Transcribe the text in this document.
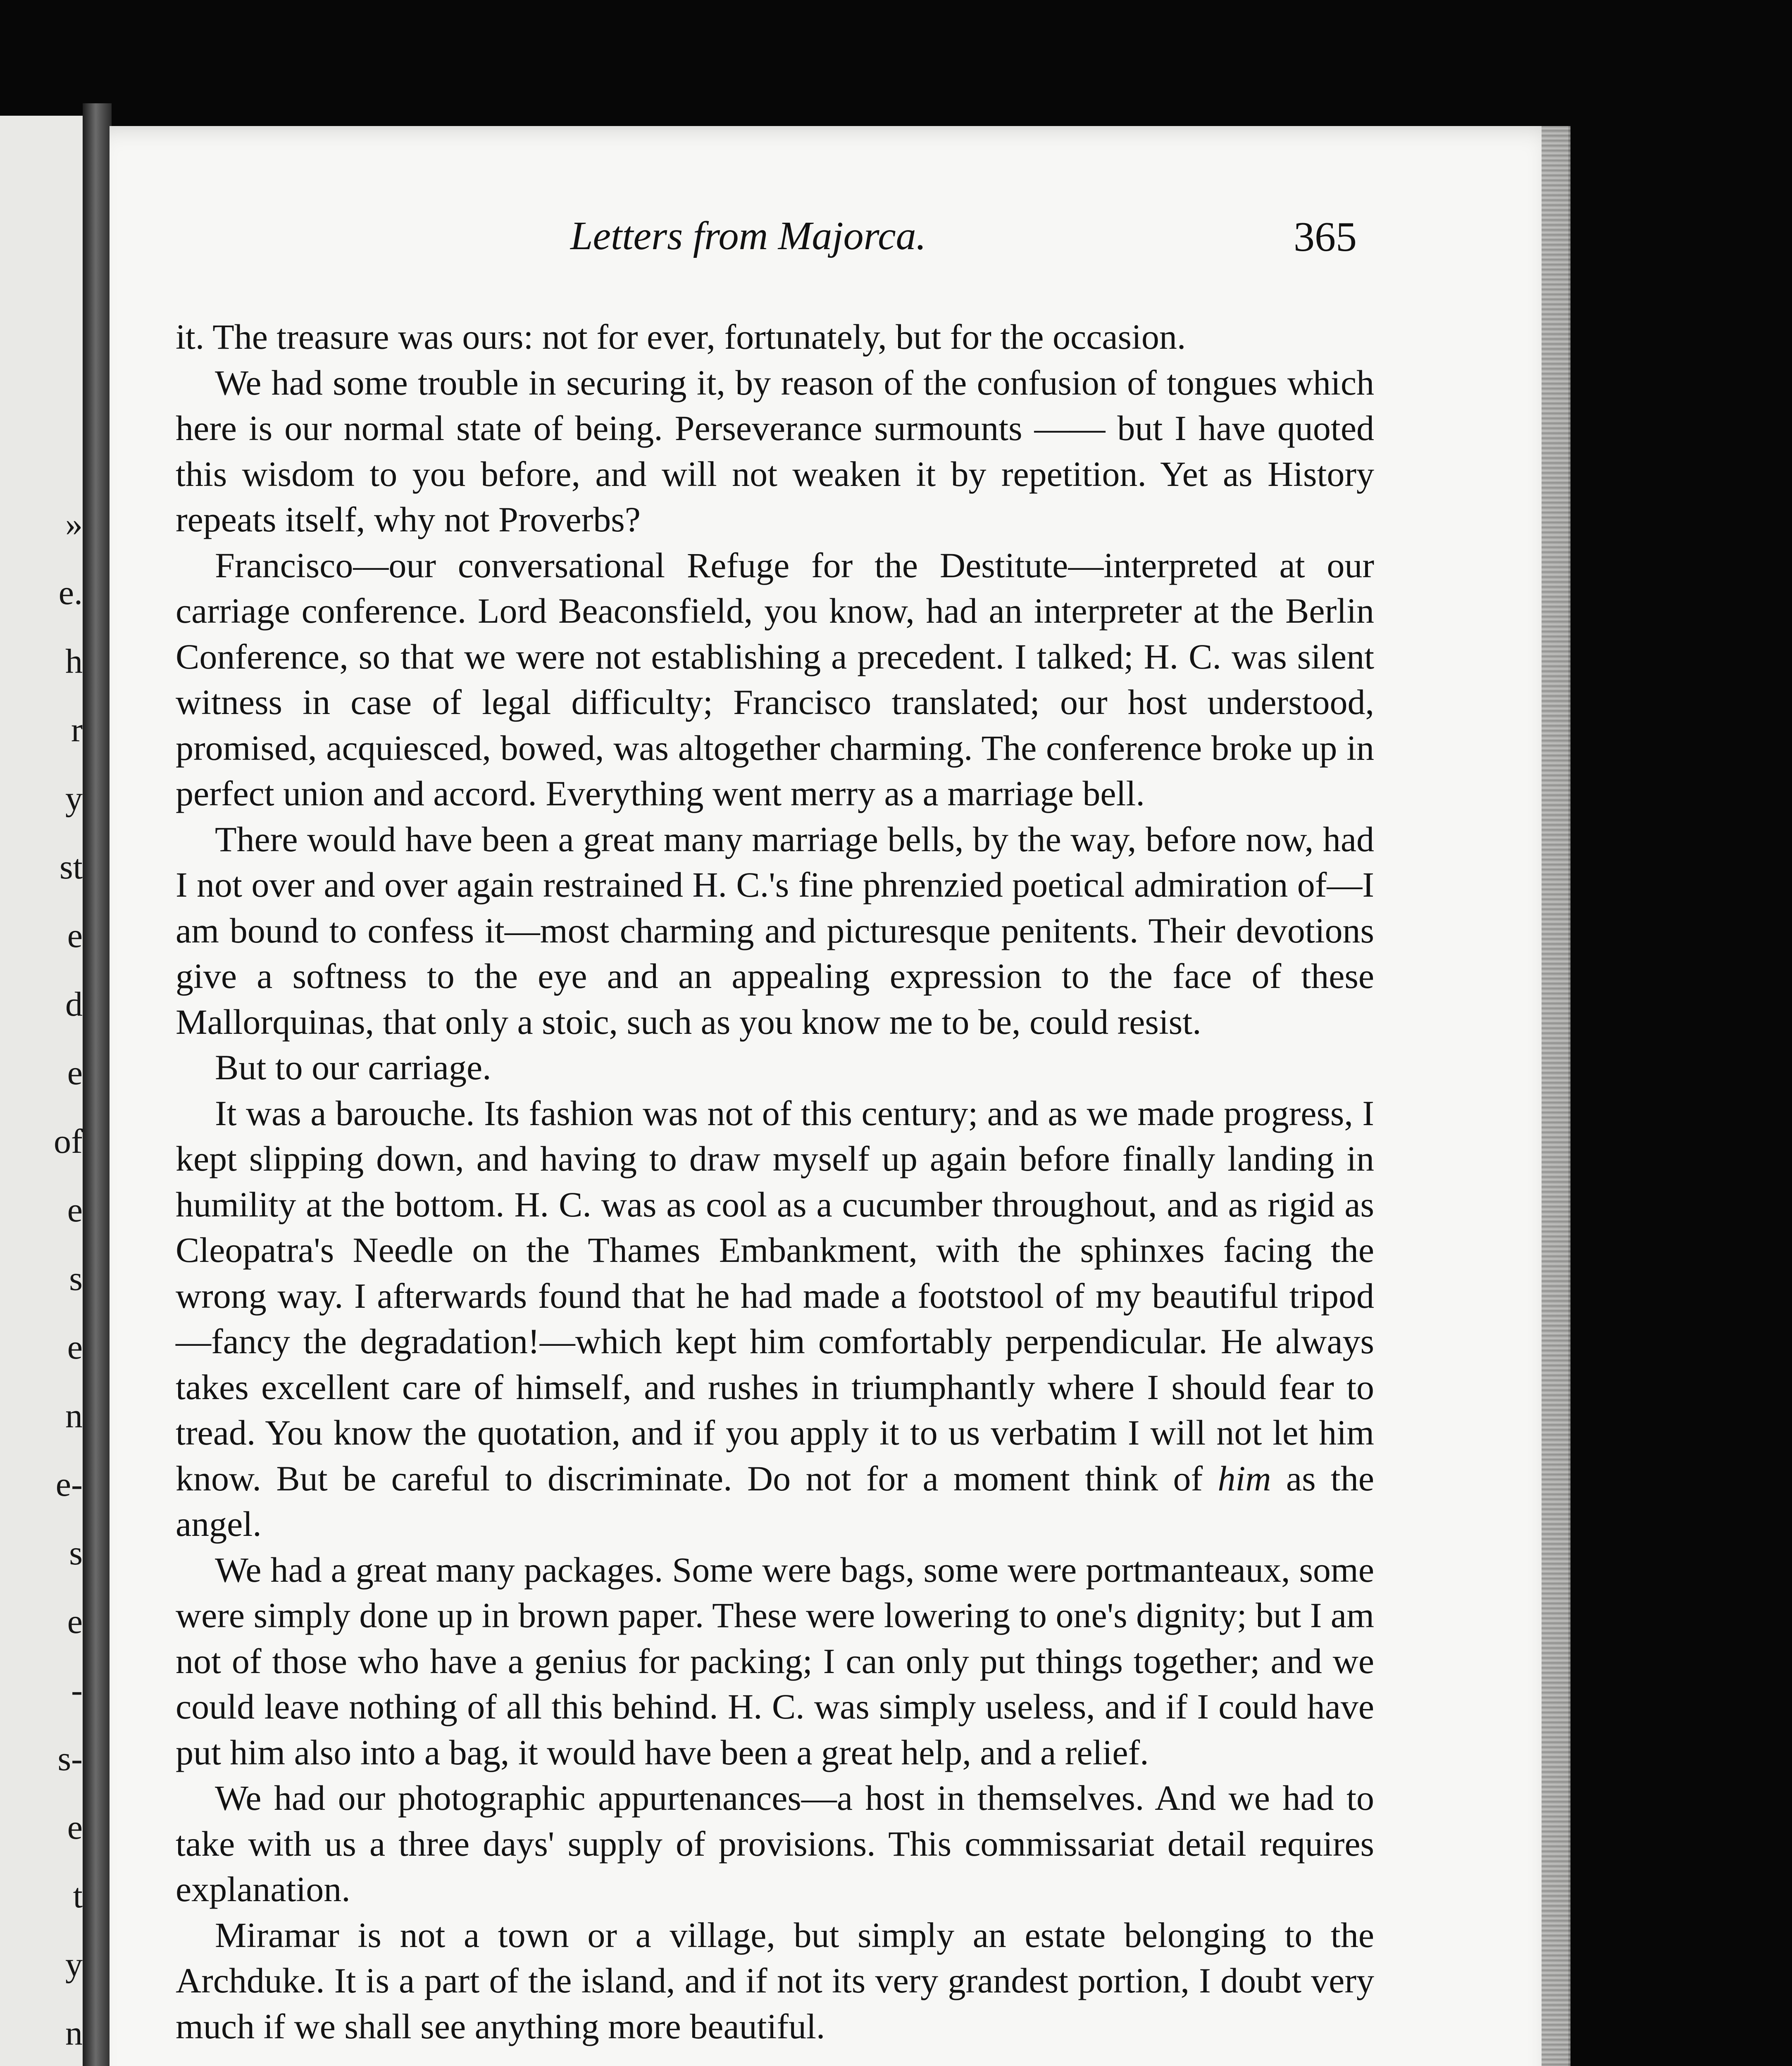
»
e.
h
r
y
st
e
d
e
of
e
s
e
n
e-
s
e
-
s-
e
t
y
n
Letters from Majorca.	365

it. The treasure was ours: not for ever, fortunately, but for the occasion.

We had some trouble in securing it, by reason of the confusion of tongues which here is our normal state of being. Perseverance surmounts —— but I have quoted this wisdom to you before, and will not weaken it by repetition. Yet as History repeats itself, why not Proverbs?

Francisco—our conversational Refuge for the Destitute—interpreted at our carriage conference. Lord Beaconsfield, you know, had an interpreter at the Berlin Conference, so that we were not establishing a precedent. I talked; H. C. was silent witness in case of legal difficulty; Francisco translated; our host understood, promised, acquiesced, bowed, was altogether charming. The conference broke up in perfect union and accord. Everything went merry as a marriage bell.

There would have been a great many marriage bells, by the way, before now, had I not over and over again restrained H. C.'s fine phrenzied poetical admiration of—I am bound to confess it—most charming and picturesque penitents. Their devotions give a softness to the eye and an appealing expression to the face of these Mallorquinas, that only a stoic, such as you know me to be, could resist.

But to our carriage.

It was a barouche. Its fashion was not of this century; and as we made progress, I kept slipping down, and having to draw myself up again before finally landing in humility at the bottom. H. C. was as cool as a cucumber throughout, and as rigid as Cleopatra's Needle on the Thames Embankment, with the sphinxes facing the wrong way. I afterwards found that he had made a footstool of my beautiful tripod—fancy the degradation!—which kept him comfortably perpendicular. He always takes excellent care of himself, and rushes in triumphantly where I should fear to tread. You know the quotation, and if you apply it to us verbatim I will not let him know. But be careful to discriminate. Do not for a moment think of him as the angel.

We had a great many packages. Some were bags, some were portmanteaux, some were simply done up in brown paper. These were lowering to one's dignity; but I am not of those who have a genius for packing; I can only put things together; and we could leave nothing of all this behind. H. C. was simply useless, and if I could have put him also into a bag, it would have been a great help, and a relief.

We had our photographic appurtenances—a host in themselves. And we had to take with us a three days' supply of provisions. This commissariat detail requires explanation.

Miramar is not a town or a village, but simply an estate belonging to the Archduke. It is a part of the island, and if not its very grandest portion, I doubt very much if we shall see anything more beautiful.
